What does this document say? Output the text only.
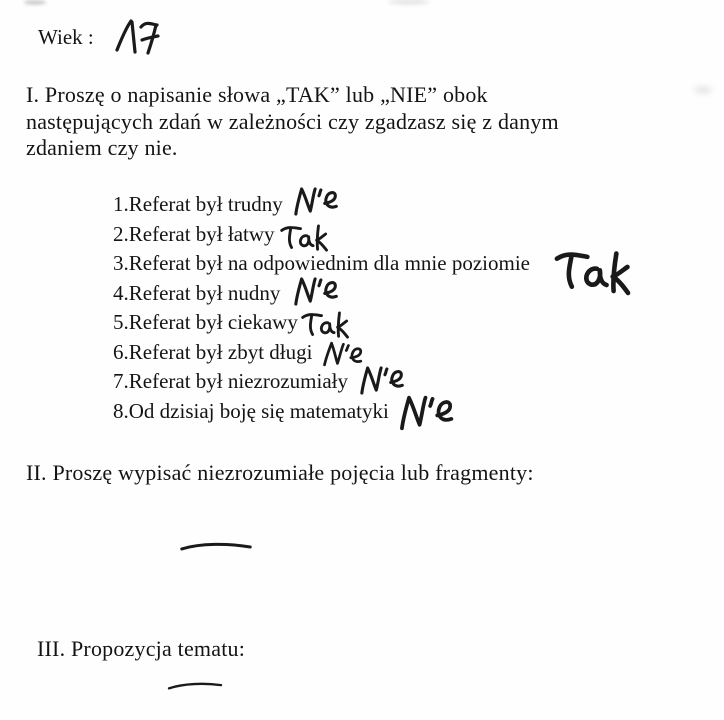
Wiek :
I. Proszę o napisanie słowa „TAK” lub „NIE” obok
następujących zdań w zależności czy zgadzasz się z danym
zdaniem czy nie.
1.Referat był trudny
2.Referat był łatwy
3.Referat był na odpowiednim dla mnie poziomie
4.Referat był nudny
5.Referat był ciekawy
6.Referat był zbyt długi
7.Referat był niezrozumiały
8.Od dzisiaj boję się matematyki
II. Proszę wypisać niezrozumiałe pojęcia lub fragmenty:
III. Propozycja tematu:
